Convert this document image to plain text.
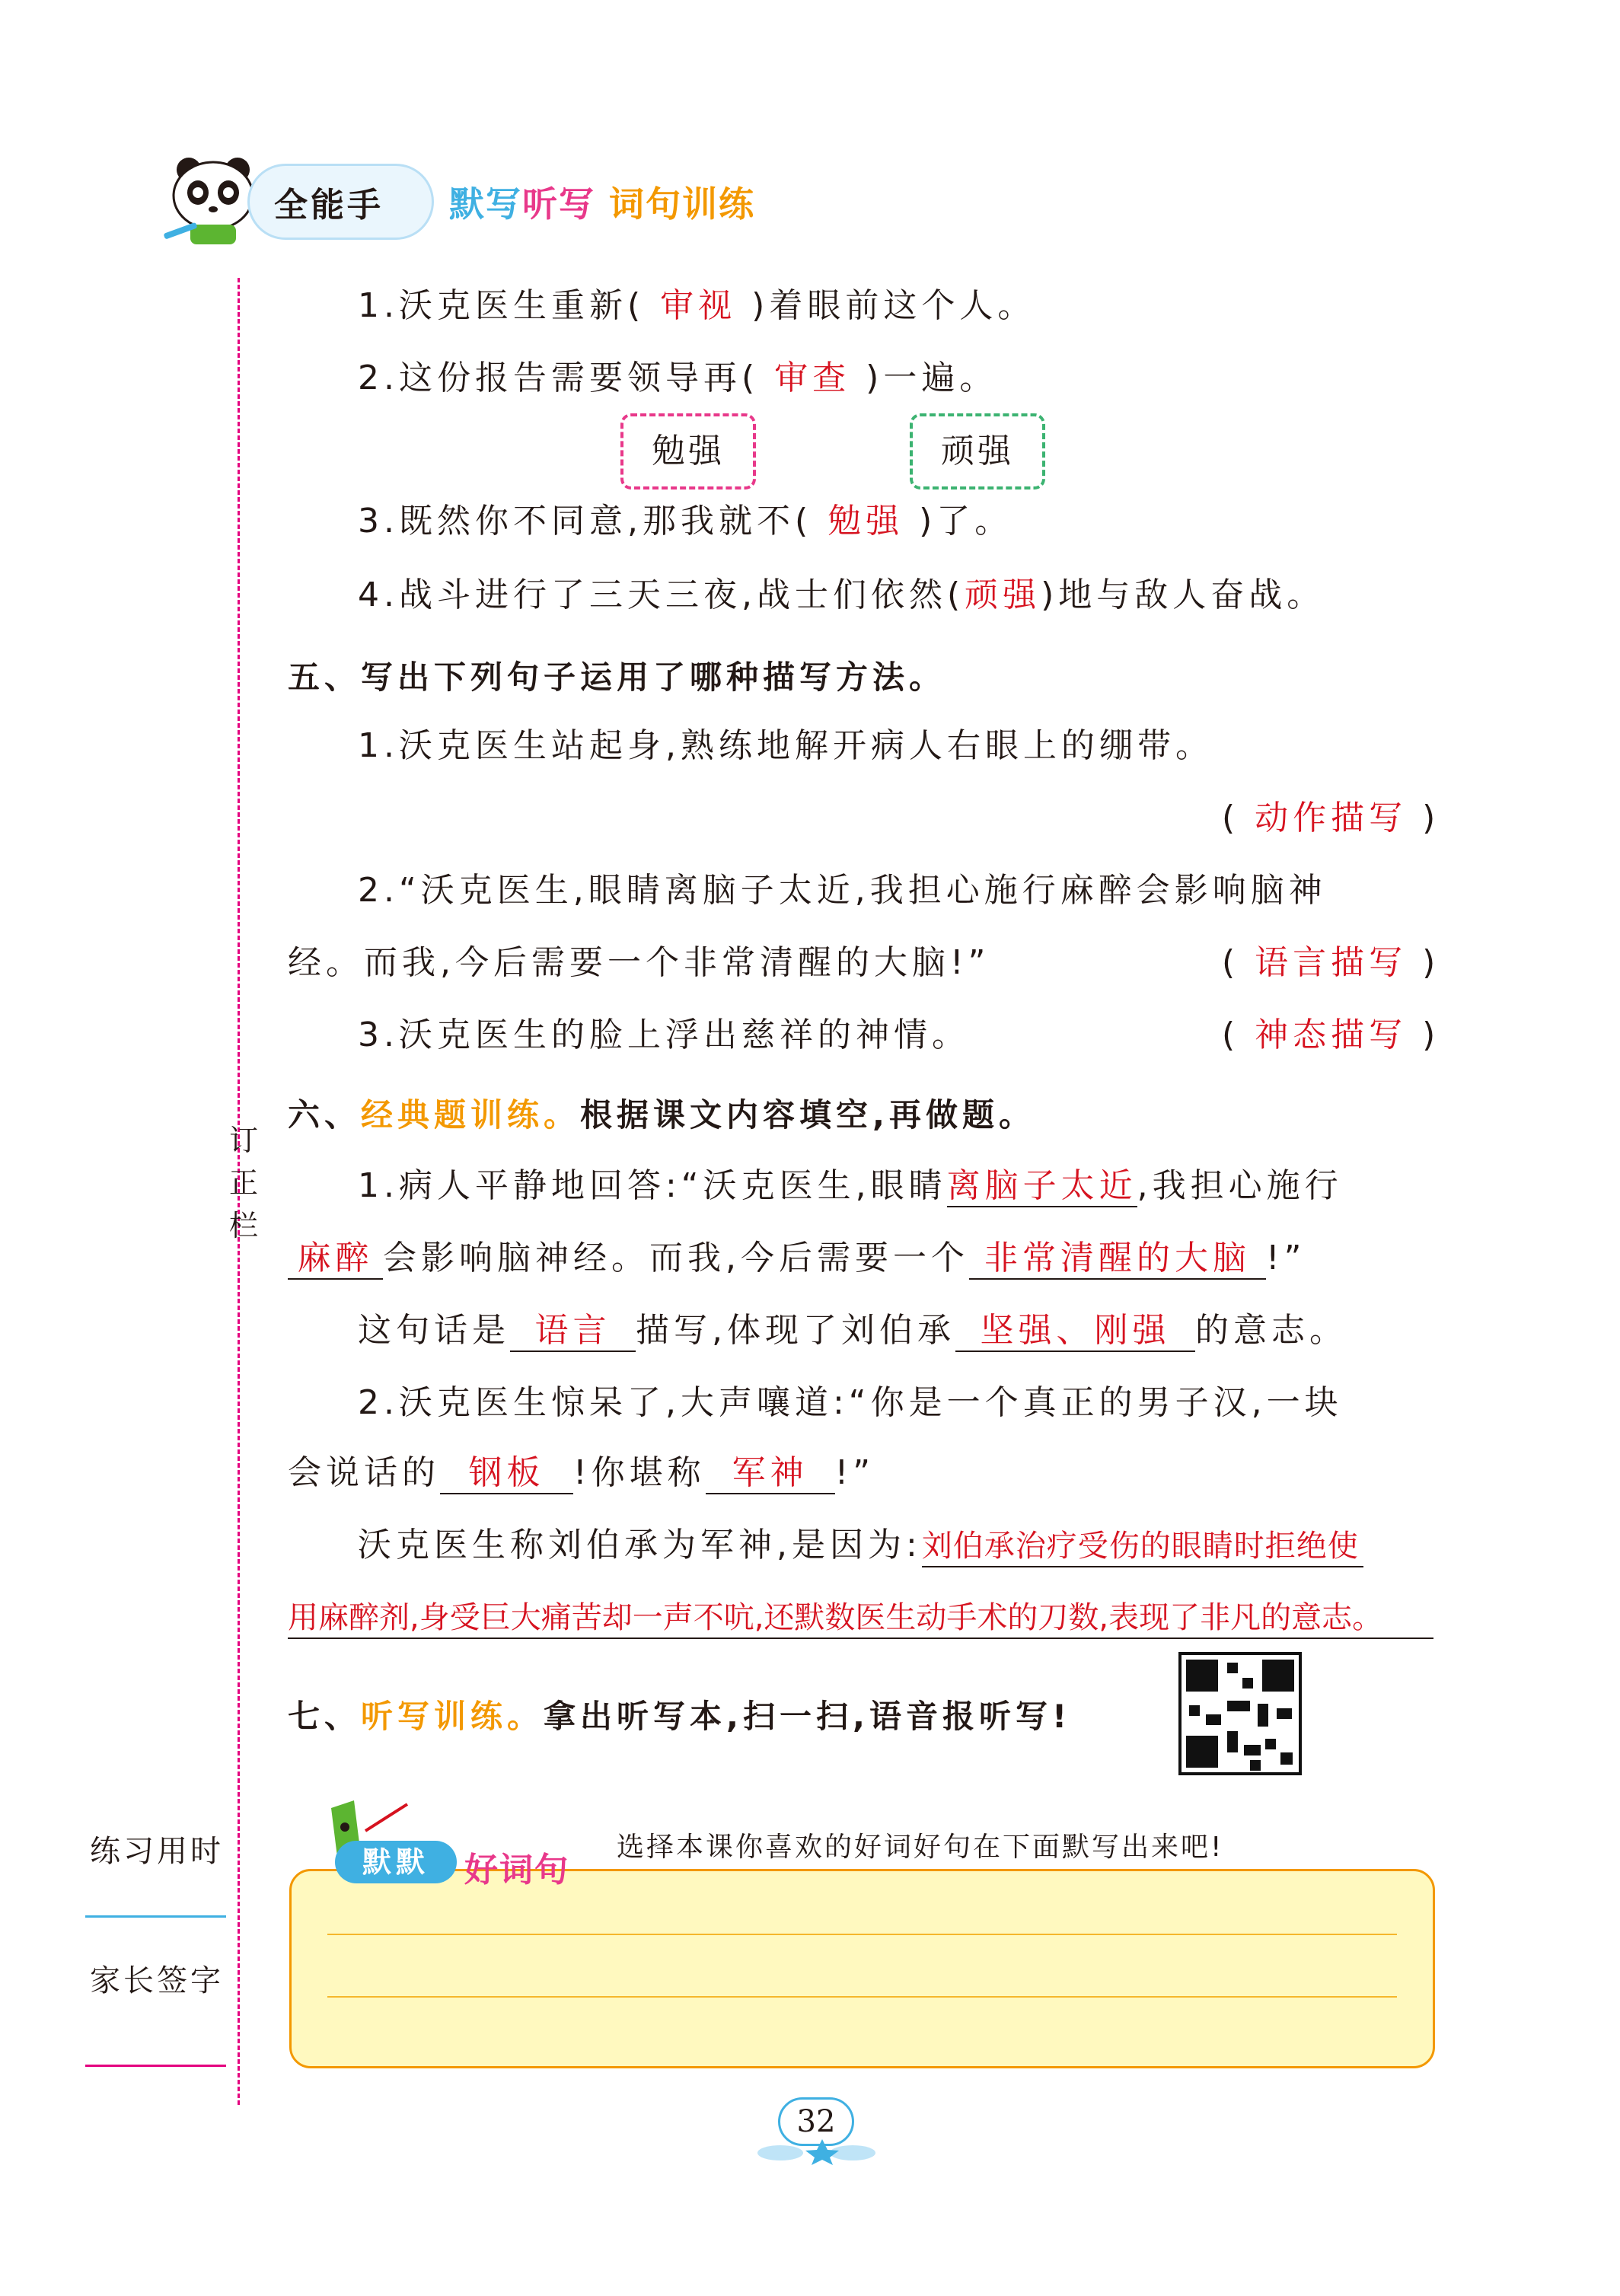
全能手 默写听写 词句训练
订正栏
练习用时
家长签字
1.沃克医生重新( 审视 )着眼前这个人。
2.这份报告需要领导再( 审查 )一遍。
勉强	顽强
3.既然你不同意,那我就不( 勉强 )了。
4.战斗进行了三天三夜,战士们依然(顽强)地与敌人奋战。
五、写出下列句子运用了哪种描写方法。
1.沃克医生站起身,熟练地解开病人右眼上的绷带。
( 动作描写 )
2.“沃克医生,眼睛离脑子太近,我担心施行麻醉会影响脑神
经。而我,今后需要一个非常清醒的大脑!”	( 语言描写 )
3.沃克医生的脸上浮出慈祥的神情。	( 神态描写 )
六、经典题训练。根据课文内容填空,再做题。
1.病人平静地回答:“沃克医生,眼睛离脑子太近,我担心施行
麻醉 会影响脑神经。而我,今后需要一个 非常清醒的大脑 !”
这句话是 语言 描写,体现了刘伯承 坚强、刚强 的意志。
2.沃克医生惊呆了,大声嚷道:“你是一个真正的男子汉,一块
会说话的 钢板 !你堪称 军神 !”
沃克医生称刘伯承为军神,是因为:刘伯承治疗受伤的眼睛时拒绝使
用麻醉剂,身受巨大痛苦却一声不吭,还默数医生动手术的刀数,表现了非凡的意志。
七、听写训练。拿出听写本,扫一扫,语音报听写!
默默	好词句
选择本课你喜欢的好词好句在下面默写出来吧!
32
